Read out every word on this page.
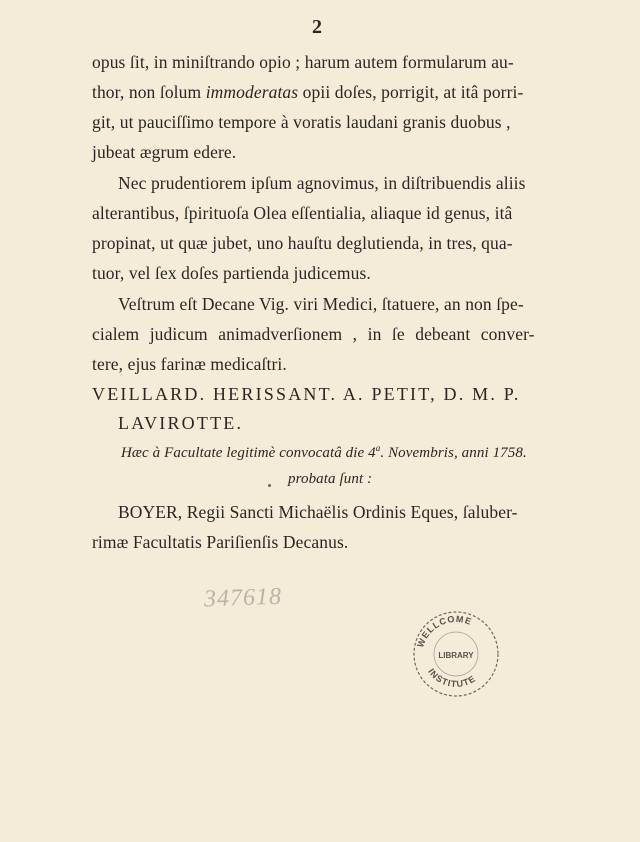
2
opus ſit, in miniſtrando opio ; harum autem formularum au-
thor, non ſolum immoderatas opii doſes, porrigit, at itâ porri-
git, ut pauciſſimo tempore à voratis laudani granis duobus ,
jubeat ægrum edere.
Nec prudentiorem ipſum agnovimus, in diſtribuendis aliis
alterantibus, ſpirituoſa Olea eſſentialia, aliaque id genus, itâ
propinat, ut quæ jubet, uno hauſtu deglutienda, in tres, qua-
tuor, vel ſex doſes partienda judicemus.
Veſtrum eſt Decane Vig. viri Medici, ſtatuere, an non ſpe-
cialem judicum animadverſionem , in ſe debeant conver-
tere, ejus farinæ medicaſtri.
VEILLARD. HERISSANT. A. PETIT, D. M. P.
LAVIROTTE.
Hæc à Facultate legitimè convocatâ die 4$^a$. Novembris, anni 1758.
probata ſunt :
BOYER, Regii Sancti Michaëlis Ordinis Eques, ſaluber-
rimæ Facultatis Pariſienſis Decanus.
347618
WELLCOME
LIBRARY
INSTITUTE
